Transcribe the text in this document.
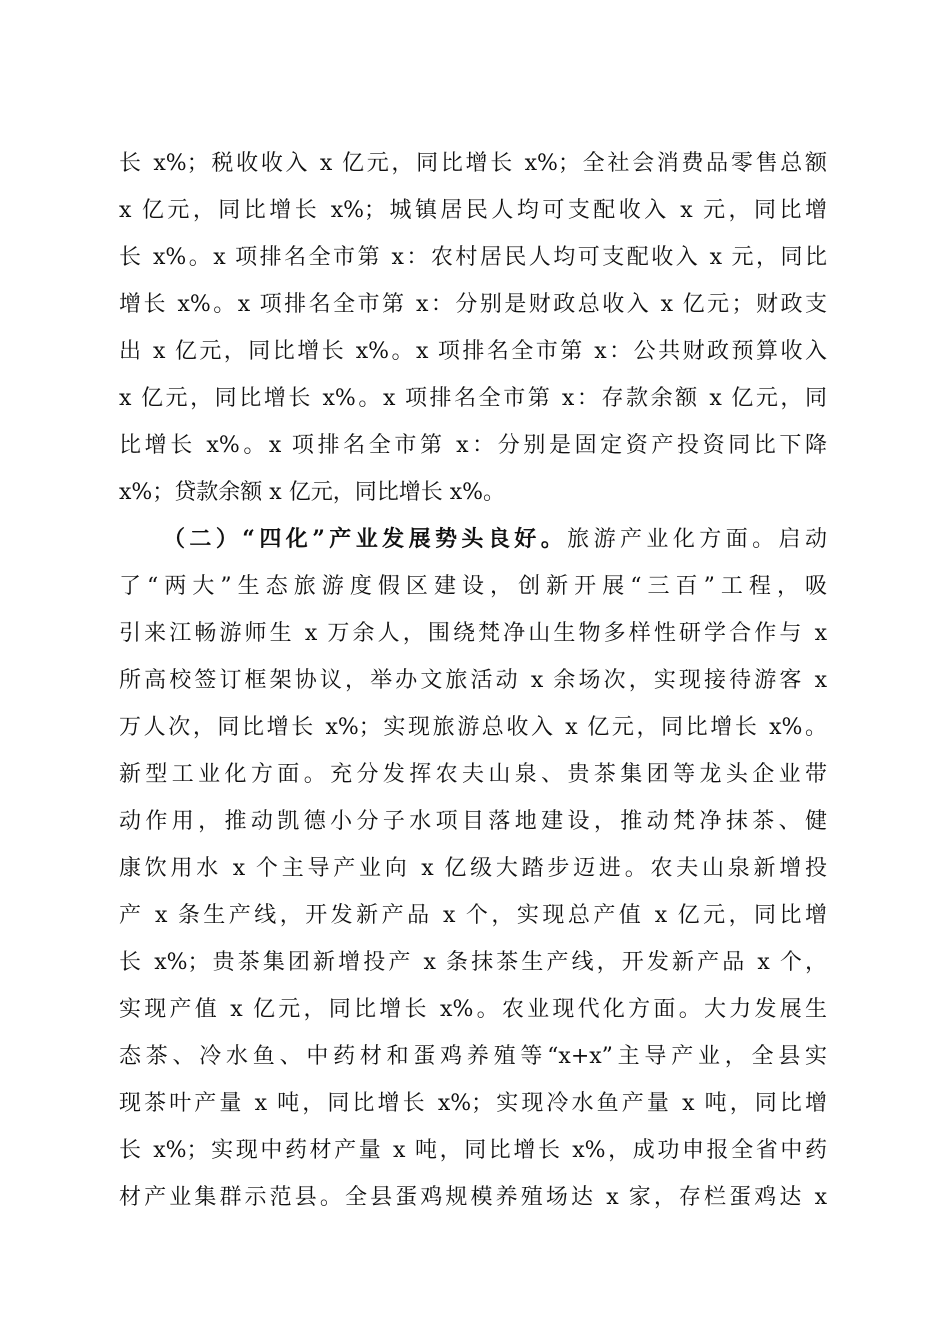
长 x%；税收收入 x 亿元，同比增长 x%；全社会消费品零售总额
x 亿元，同比增长 x%；城镇居民人均可支配收入 x 元，同比增
长 x%。x 项排名全市第 x：农村居民人均可支配收入 x 元，同比
增长 x%。x 项排名全市第 x：分别是财政总收入 x 亿元；财政支
出 x 亿元，同比增长 x%。x 项排名全市第 x：公共财政预算收入
x 亿元，同比增长 x%。x 项排名全市第 x：存款余额 x 亿元，同
比增长 x%。x 项排名全市第 x：分别是固定资产投资同比下降
x%；贷款余额 x 亿元，同比增长 x%。
（二）“四化”产业发展势头良好。旅游产业化方面。启动
了“两大”生态旅游度假区建设，创新开展“三百”工程，吸
引来江畅游师生 x 万余人，围绕梵净山生物多样性研学合作与 x
所高校签订框架协议，举办文旅活动 x 余场次，实现接待游客 x
万人次，同比增长 x%；实现旅游总收入 x 亿元，同比增长 x%。
新型工业化方面。充分发挥农夫山泉、贵茶集团等龙头企业带
动作用，推动凯德小分子水项目落地建设，推动梵净抹茶、健
康饮用水 x 个主导产业向 x 亿级大踏步迈进。农夫山泉新增投
产 x 条生产线，开发新产品 x 个，实现总产值 x 亿元，同比增
长 x%；贵茶集团新增投产 x 条抹茶生产线，开发新产品 x 个，
实现产值 x 亿元，同比增长 x%。农业现代化方面。大力发展生
态茶、冷水鱼、中药材和蛋鸡养殖等“x+x”主导产业，全县实
现茶叶产量 x 吨，同比增长 x%；实现冷水鱼产量 x 吨，同比增
长 x%；实现中药材产量 x 吨，同比增长 x%，成功申报全省中药
材产业集群示范县。全县蛋鸡规模养殖场达 x 家，存栏蛋鸡达 x
